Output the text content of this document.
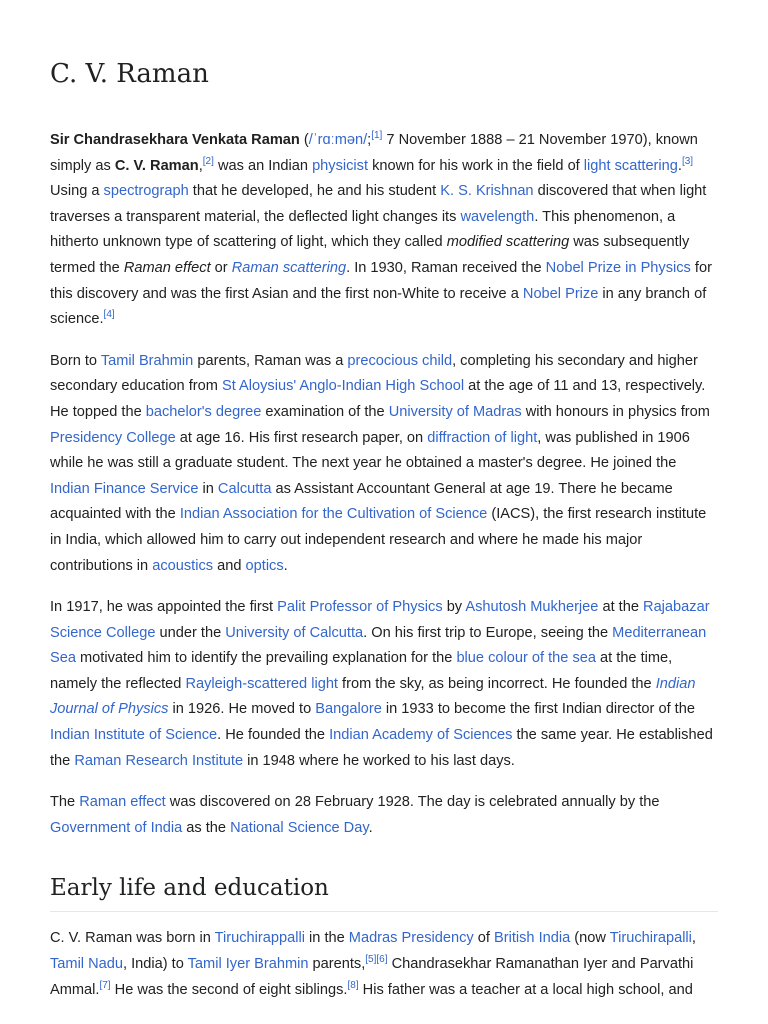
C. V. Raman

Sir Chandrasekhara Venkata Raman (/ˈrɑːmən/;[1] 7 November 1888 – 21 November 1970), known simply as C. V. Raman,[2] was an Indian physicist known for his work in the field of light scattering.[3] Using a spectrograph that he developed, he and his student K. S. Krishnan discovered that when light traverses a transparent material, the deflected light changes its wavelength. This phenomenon, a hitherto unknown type of scattering of light, which they called modified scattering was subsequently termed the Raman effect or Raman scattering. In 1930, Raman received the Nobel Prize in Physics for this discovery and was the first Asian and the first non-White to receive a Nobel Prize in any branch of science.[4]

Born to Tamil Brahmin parents, Raman was a precocious child, completing his secondary and higher secondary education from St Aloysius' Anglo-Indian High School at the age of 11 and 13, respectively. He topped the bachelor's degree examination of the University of Madras with honours in physics from Presidency College at age 16. His first research paper, on diffraction of light, was published in 1906 while he was still a graduate student. The next year he obtained a master's degree. He joined the Indian Finance Service in Calcutta as Assistant Accountant General at age 19. There he became acquainted with the Indian Association for the Cultivation of Science (IACS), the first research institute in India, which allowed him to carry out independent research and where he made his major contributions in acoustics and optics.

In 1917, he was appointed the first Palit Professor of Physics by Ashutosh Mukherjee at the Rajabazar Science College under the University of Calcutta. On his first trip to Europe, seeing the Mediterranean Sea motivated him to identify the prevailing explanation for the blue colour of the sea at the time, namely the reflected Rayleigh-scattered light from the sky, as being incorrect. He founded the Indian Journal of Physics in 1926. He moved to Bangalore in 1933 to become the first Indian director of the Indian Institute of Science. He founded the Indian Academy of Sciences the same year. He established the Raman Research Institute in 1948 where he worked to his last days.

The Raman effect was discovered on 28 February 1928. The day is celebrated annually by the Government of India as the National Science Day.

Early life and education

C. V. Raman was born in Tiruchirappalli in the Madras Presidency of British India (now Tiruchirapalli, Tamil Nadu, India) to Tamil Iyer Brahmin parents,[5][6] Chandrasekhar Ramanathan Iyer and Parvathi Ammal.[7] He was the second of eight siblings.[8] His father was a teacher at a local high school, and
